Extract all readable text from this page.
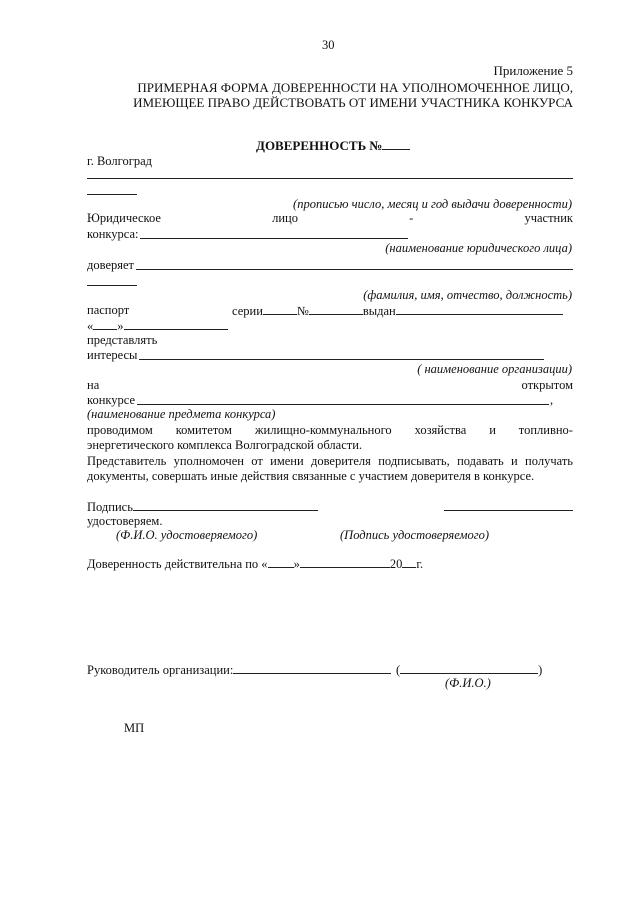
30
Приложение 5
ПРИМЕРНАЯ ФОРМА ДОВЕРЕННОСТИ НА УПОЛНОМОЧЕННОЕ ЛИЦО,
ИМЕЮЩЕЕ ПРАВО ДЕЙСТВОВАТЬ ОТ ИМЕНИ УЧАСТНИКА КОНКУРСА
ДОВЕРЕННОСТЬ №
г. Волгоград
(прописью число, месяц и год выдачи доверенности)
Юридическое	лицо	-	участник
конкурса:
(наименование юридического лица)
доверяет
(фамилия, имя, отчество, должность)
паспорт	серии	№	выдан
« »
представлять
интересы
( наименование организации)
на	открытом
конкурсе	,
(наименование предмета конкурса)
проводимом комитетом жилищно-коммунального хозяйства и топливно-
энергетического комплекса Волгоградской области.
Представитель уполномочен от имени доверителя подписывать, подавать и получать документы, совершать иные действия связанные с участием доверителя в конкурсе.
Подпись
удостоверяем.
(Ф.И.О. удостоверяемого)	(Подпись удостоверяемого)
Доверенность действительна по « »	20 г.
Руководитель организации:	(	)
(Ф.И.О.)
МП
